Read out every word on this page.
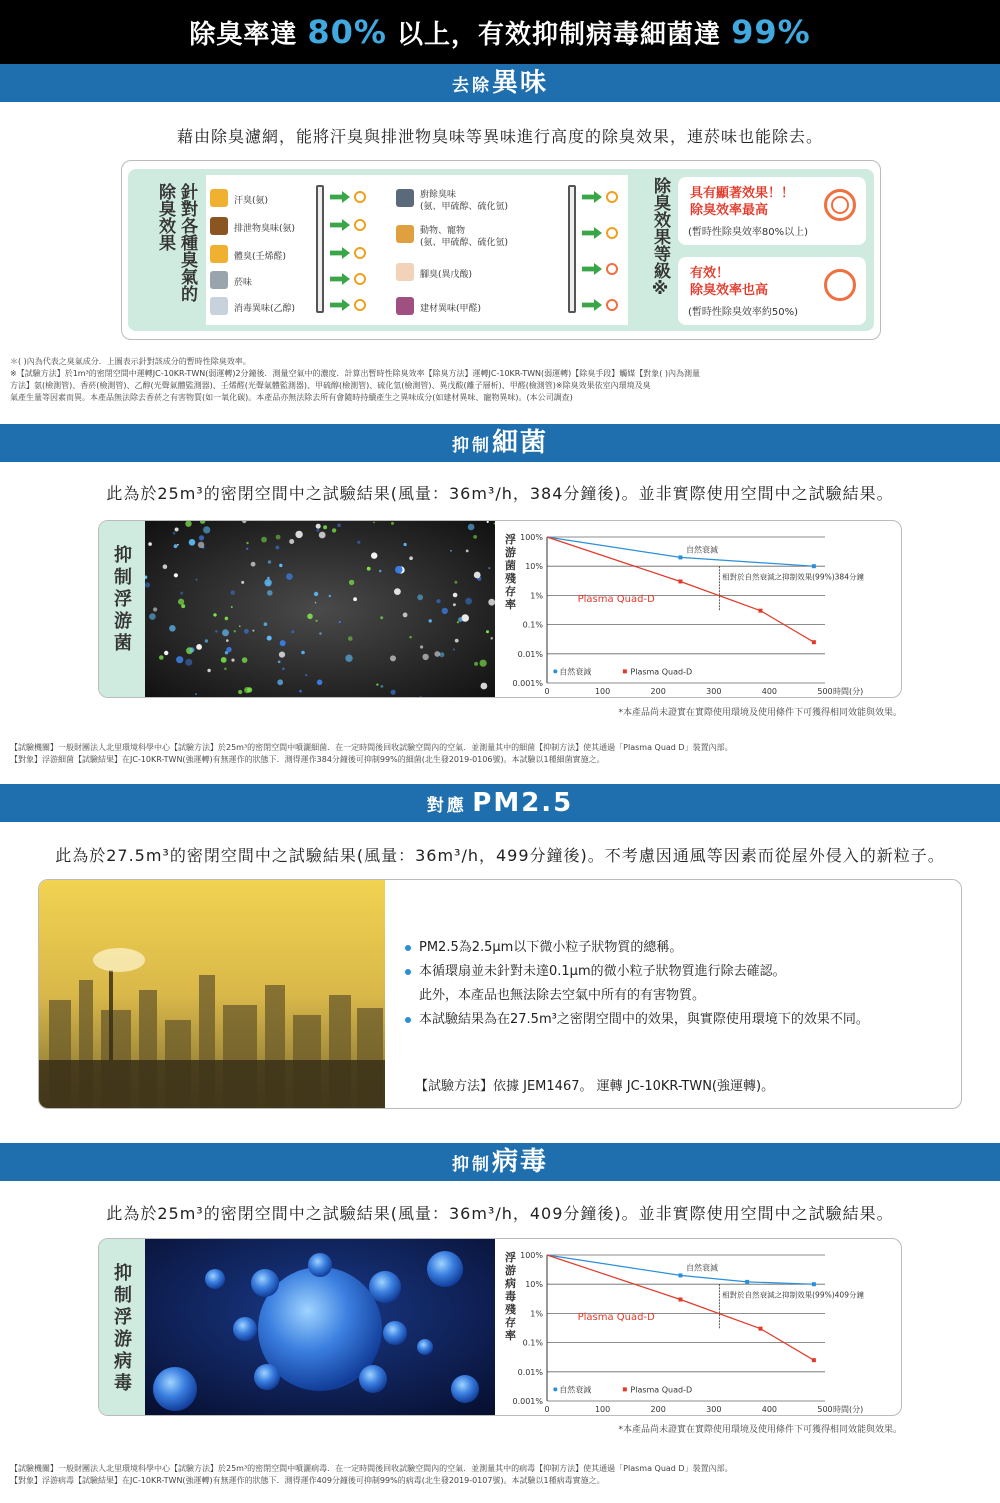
除臭率達 80% 以上，有效抑制病毒細菌達 99%
去除異味
藉由除臭濾網，能將汗臭與排泄物臭味等異味進行高度的除臭效果，連菸味也能除去。
針對各種臭氣的除臭效果	汗臭(氨)
排泄物臭味(氨)
體臭(壬烯醛)
菸味
消毒異味(乙醇)
廚餘臭味
(氨、甲硫醇、硫化氫)
動物、寵物
(氨、甲硫醇、硫化氫)
腳臭(異戊酸)
建材異味(甲醛)
除臭效果等級※ 具有顯著效果！！
除臭效率最高
(暫時性除臭效率80%以上)
有效！
除臭效率也高
(暫時性除臭效率約50%)
＊( )內為代表之臭氣成分．上圖表示針對該成分的暫時性除臭效率。
※【試驗方法】於1m³的密閉空間中運轉JC-10KR-TWN(弱運轉)2分鐘後．測量空氣中的濃度．計算出暫時性除臭效率【除臭方法】運轉JC-10KR-TWN(弱運轉)【除臭手段】觸媒【對象( )內為測量
方法】氨(檢測管)、香菸(檢測管)、乙醇(光聲氣體監測器)、壬烯醛(光聲氣體監測器)、甲硫醇(檢測管)、硫化氫(檢測管)、異戊酸(離子層析)、甲醛(檢測管)※除臭效果依室內環境及臭
氣產生量等因素而異。本產品無法除去香菸之有害物質(如一氧化碳)。本產品亦無法除去所有會隨時持續產生之異味成分(如建材異味、寵物異味)。(本公司調查)
抑制細菌
此為於25m³的密閉空間中之試驗結果(風量：36m³/h，384分鐘後)。並非實際使用空間中之試驗結果。
抑制浮游菌
浮
游
菌
殘
存
率
100%
10%
1%
0.1%
0.01%
0.001%
0	100	200	300	400	500 時間(分)
自然衰減
相對於自然衰減之抑制效果(99%)384分鐘
Plasma Quad-D
自然衰減	Plasma Quad-D
*本產品尚未證實在實際使用環境及使用條件下可獲得相同效能與效果。
【試驗機關】一般財團法人北里環境科學中心【試驗方法】於25m³的密閉空間中噴灑細菌．在一定時間後回收試驗空間內的空氣．並測量其中的細菌【抑制方法】使其通過「Plasma Quad D」裝置內部。
【對象】浮游細菌【試驗結果】在JC-10KR-TWN(強運轉)有無運作的狀態下．測得運作384分鐘後可抑制99%的細菌(北生發2019-0106號)。本試驗以1種細菌實施之。
對應 PM2.5
此為於27.5m³的密閉空間中之試驗結果(風量：36m³/h，499分鐘後)。不考慮因通風等因素而從屋外侵入的新粒子。
PM2.5為2.5μm以下微小粒子狀物質的總稱。
本循環扇並未針對未達0.1μm的微小粒子狀物質進行除去確認。
此外，本產品也無法除去空氣中所有的有害物質。
本試驗結果為在27.5m³之密閉空間中的效果，與實際使用環境下的效果不同。
【試驗方法】依據 JEM1467。 運轉 JC-10KR-TWN(強運轉)。
抑制病毒
此為於25m³的密閉空間中之試驗結果(風量：36m³/h，409分鐘後)。並非實際使用空間中之試驗結果。
抑制浮游病毒
浮
游
病
毒
殘
存
率
100%
10%
1%
0.1%
0.01%
0.001%
0	100	200	300	400	500 時間(分)
自然衰減
相對於自然衰減之抑制效果(99%)409分鐘
Plasma Quad-D
自然衰減	Plasma Quad-D
*本產品尚未證實在實際使用環境及使用條件下可獲得相同效能與效果。
【試驗機關】一般財團法人北里環境科學中心【試驗方法】於25m³的密閉空間中噴灑病毒．在一定時間後回收試驗空間內的空氣．並測量其中的病毒【抑制方法】使其通過「Plasma Quad D」裝置內部。
【對象】浮游病毒【試驗結果】在JC-10KR-TWN(強運轉)有無運作的狀態下．測得運作409分鐘後可抑制99%的病毒(北生發2019-0107號)。本試驗以1種病毒實施之。
